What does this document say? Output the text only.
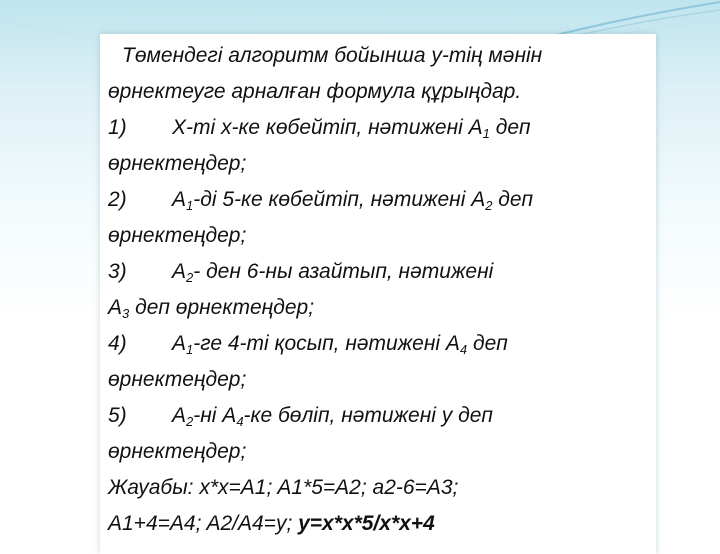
Төмендегі алгоритм бойынша y-тің мәнін
өрнектеуге арналған формула құрыңдар.
1) X-ті x-ке көбейтіп, нәтижені $A_1$ деп
өрнектеңдер;
2) $A_1-ді$ 5-ке көбейтіп, нәтижені $A_2$ деп
өрнектеңдер;
3) $A_2-$ ден 6-ны азайтып, нәтижені
$A_3$ деп өрнектеңдер;
4) $A_1-ге$ 4-ті қосып, нәтижені $A_4$ деп
өрнектеңдер;
5) $A_2-ні$ $A_4-ке$ бөліп, нәтижені y деп
өрнектеңдер;
Жауабы: x*x=A1; A1*5=A2; a2-6=A3;
A1+4=A4; A2/A4=y; y=x*x*5/x*x+4
